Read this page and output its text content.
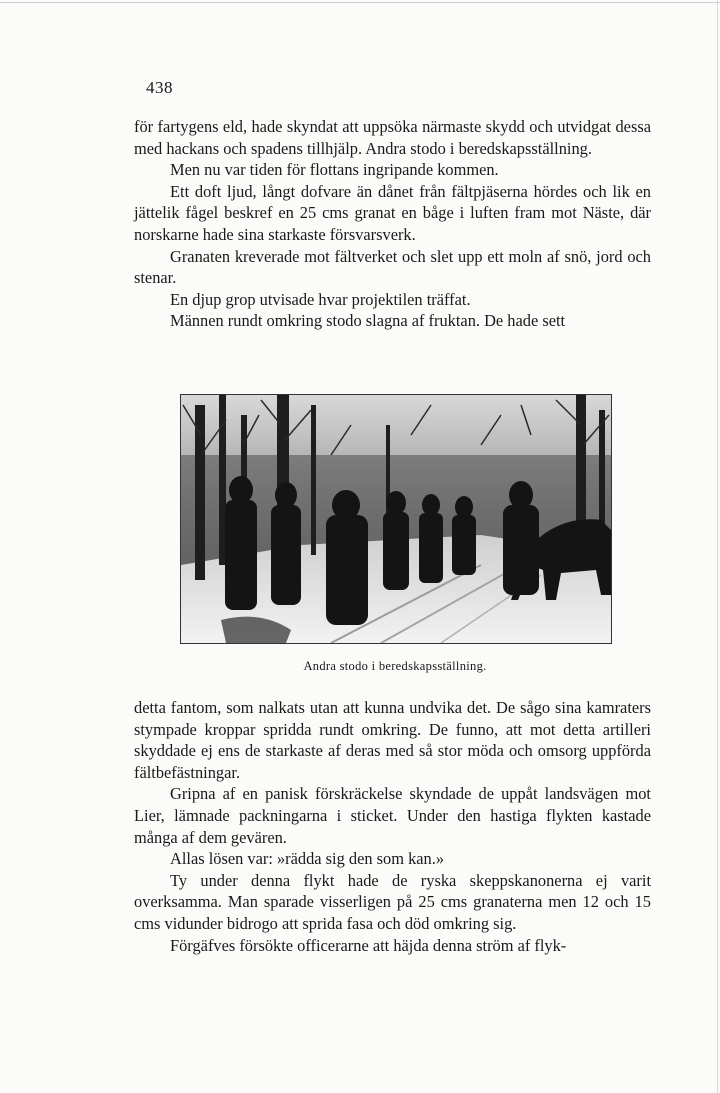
438

för fartygens eld, hade skyndat att uppsöka närmaste skydd och utvidgat dessa med hackans och spadens tillhjälp. Andra stodo i beredskapsställning.

Men nu var tiden för flottans ingripande kommen.

Ett doft ljud, långt dofvare än dånet från fältpjäserna hördes och lik en jättelik fågel beskref en 25 cms granat en båge i luften fram mot Näste, där norskarne hade sina starkaste försvarsverk.

Granaten kreverade mot fältverket och slet upp ett moln af snö, jord och stenar.

En djup grop utvisade hvar projektilen träffat.

Männen rundt omkring stodo slagna af fruktan. De hade sett

Andra stodo i beredskapsställning.

detta fantom, som nalkats utan att kunna undvika det. De sågo sina kamraters stympade kroppar spridda rundt omkring. De funno, att mot detta artilleri skyddade ej ens de starkaste af deras med så stor möda och omsorg uppförda fältbefästningar.

Gripna af en panisk förskräckelse skyndade de uppåt landsvägen mot Lier, lämnade packningarna i sticket. Under den hastiga flykten kastade många af dem gevären.

Allas lösen var: »rädda sig den som kan.»

Ty under denna flykt hade de ryska skeppskanonerna ej varit overksamma. Man sparade visserligen på 25 cms granaterna men 12 och 15 cms vidunder bidrogo att sprida fasa och död omkring sig.

Förgäfves försökte officerarne att häjda denna ström af flyk-
